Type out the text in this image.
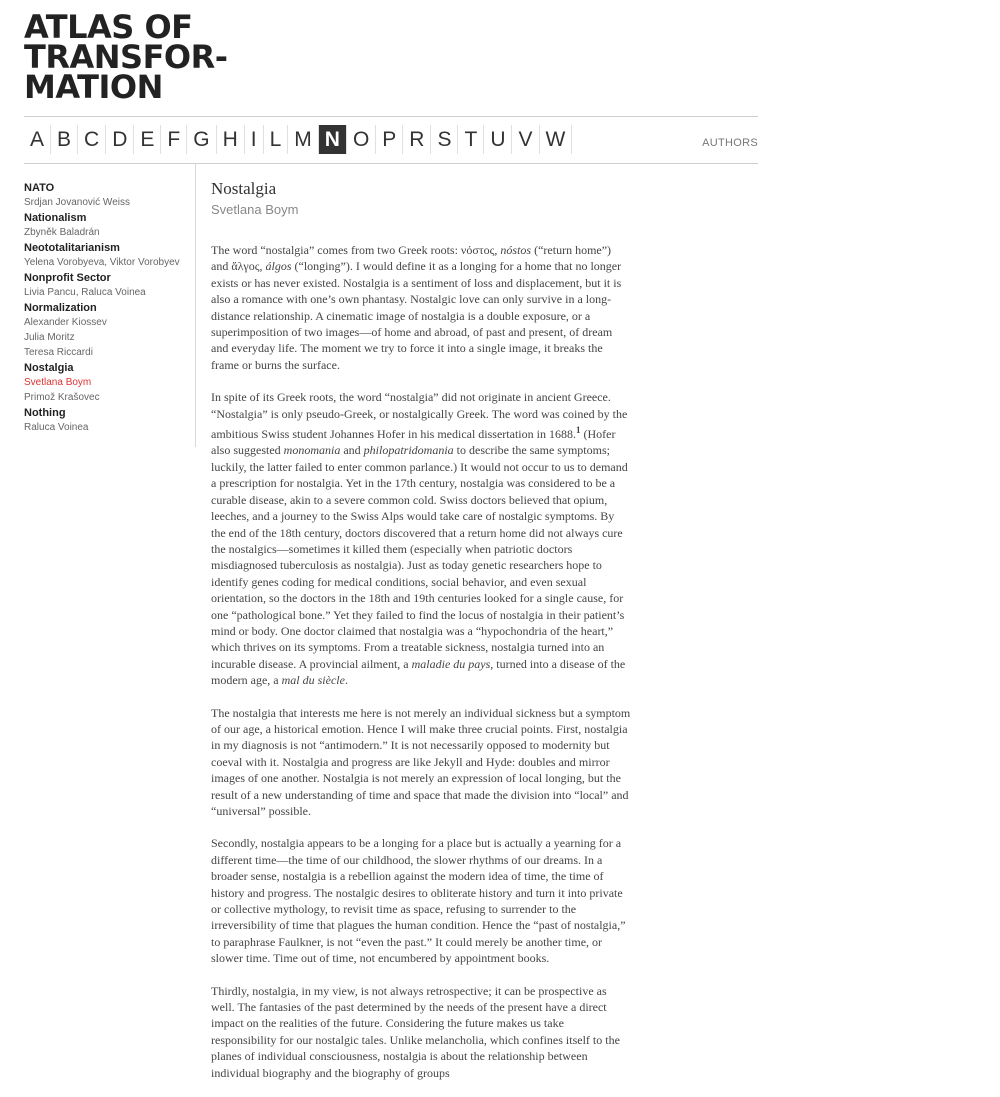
ATLAS OF
TRANSFOR-
MATION
A B C D E F G H I L M N O P R S T U V W	AUTHORS
NATO
Srdjan Jovanović Weiss
Nationalism
Zbyněk Baladrán
Neototalitarianism
Yelena Vorobyeva, Viktor Vorobyev
Nonprofit Sector
Livia Pancu, Raluca Voinea
Normalization
Alexander Kiossev
Julia Moritz
Teresa Riccardi
Nostalgia
Svetlana Boym
Primož Krašovec
Nothing
Raluca Voinea
Nostalgia
Svetlana Boym

The word “nostalgia” comes from two Greek roots: νόστος, nóstos (“return home”) and ἄλγος, álgos (“longing”). I would define it as a longing for a home that no longer exists or has never existed. Nostalgia is a sentiment of loss and displacement, but it is also a romance with one’s own phantasy. Nostalgic love can only survive in a long-distance relationship. A cinematic image of nostalgia is a double exposure, or a superimposition of two images—of home and abroad, of past and present, of dream and everyday life. The moment we try to force it into a single image, it breaks the frame or burns the surface.

In spite of its Greek roots, the word “nostalgia” did not originate in ancient Greece. “Nostalgia” is only pseudo-Greek, or nostalgically Greek. The word was coined by the ambitious Swiss student Johannes Hofer in his medical dissertation in 1688.$^1$ (Hofer also suggested monomania and philopatridomania to describe the same symptoms; luckily, the latter failed to enter common parlance.) It would not occur to us to demand a prescription for nostalgia. Yet in the 17th century, nostalgia was considered to be a curable disease, akin to a severe common cold. Swiss doctors believed that opium, leeches, and a journey to the Swiss Alps would take care of nostalgic symptoms. By the end of the 18th century, doctors discovered that a return home did not always cure the nostalgics—sometimes it killed them (especially when patriotic doctors misdiagnosed tuberculosis as nostalgia). Just as today genetic researchers hope to identify genes coding for medical conditions, social behavior, and even sexual orientation, so the doctors in the 18th and 19th centuries looked for a single cause, for one “pathological bone.” Yet they failed to find the locus of nostalgia in their patient’s mind or body. One doctor claimed that nostalgia was a “hypochondria of the heart,” which thrives on its symptoms. From a treatable sickness, nostalgia turned into an incurable disease. A provincial ailment, a maladie du pays, turned into a disease of the modern age, a mal du siècle.

The nostalgia that interests me here is not merely an individual sickness but a symptom of our age, a historical emotion. Hence I will make three crucial points. First, nostalgia in my diagnosis is not “antimodern.” It is not necessarily opposed to modernity but coeval with it. Nostalgia and progress are like Jekyll and Hyde: doubles and mirror images of one another. Nostalgia is not merely an expression of local longing, but the result of a new understanding of time and space that made the division into “local” and “universal” possible.

Secondly, nostalgia appears to be a longing for a place but is actually a yearning for a different time—the time of our childhood, the slower rhythms of our dreams. In a broader sense, nostalgia is a rebellion against the modern idea of time, the time of history and progress. The nostalgic desires to obliterate history and turn it into private or collective mythology, to revisit time as space, refusing to surrender to the irreversibility of time that plagues the human condition. Hence the “past of nostalgia,” to paraphrase Faulkner, is not “even the past.” It could merely be another time, or slower time. Time out of time, not encumbered by appointment books.

Thirdly, nostalgia, in my view, is not always retrospective; it can be prospective as well. The fantasies of the past determined by the needs of the present have a direct impact on the realities of the future. Considering the future makes us take responsibility for our nostalgic tales. Unlike melancholia, which confines itself to the planes of individual consciousness, nostalgia is about the relationship between individual biography and the biography of groups
